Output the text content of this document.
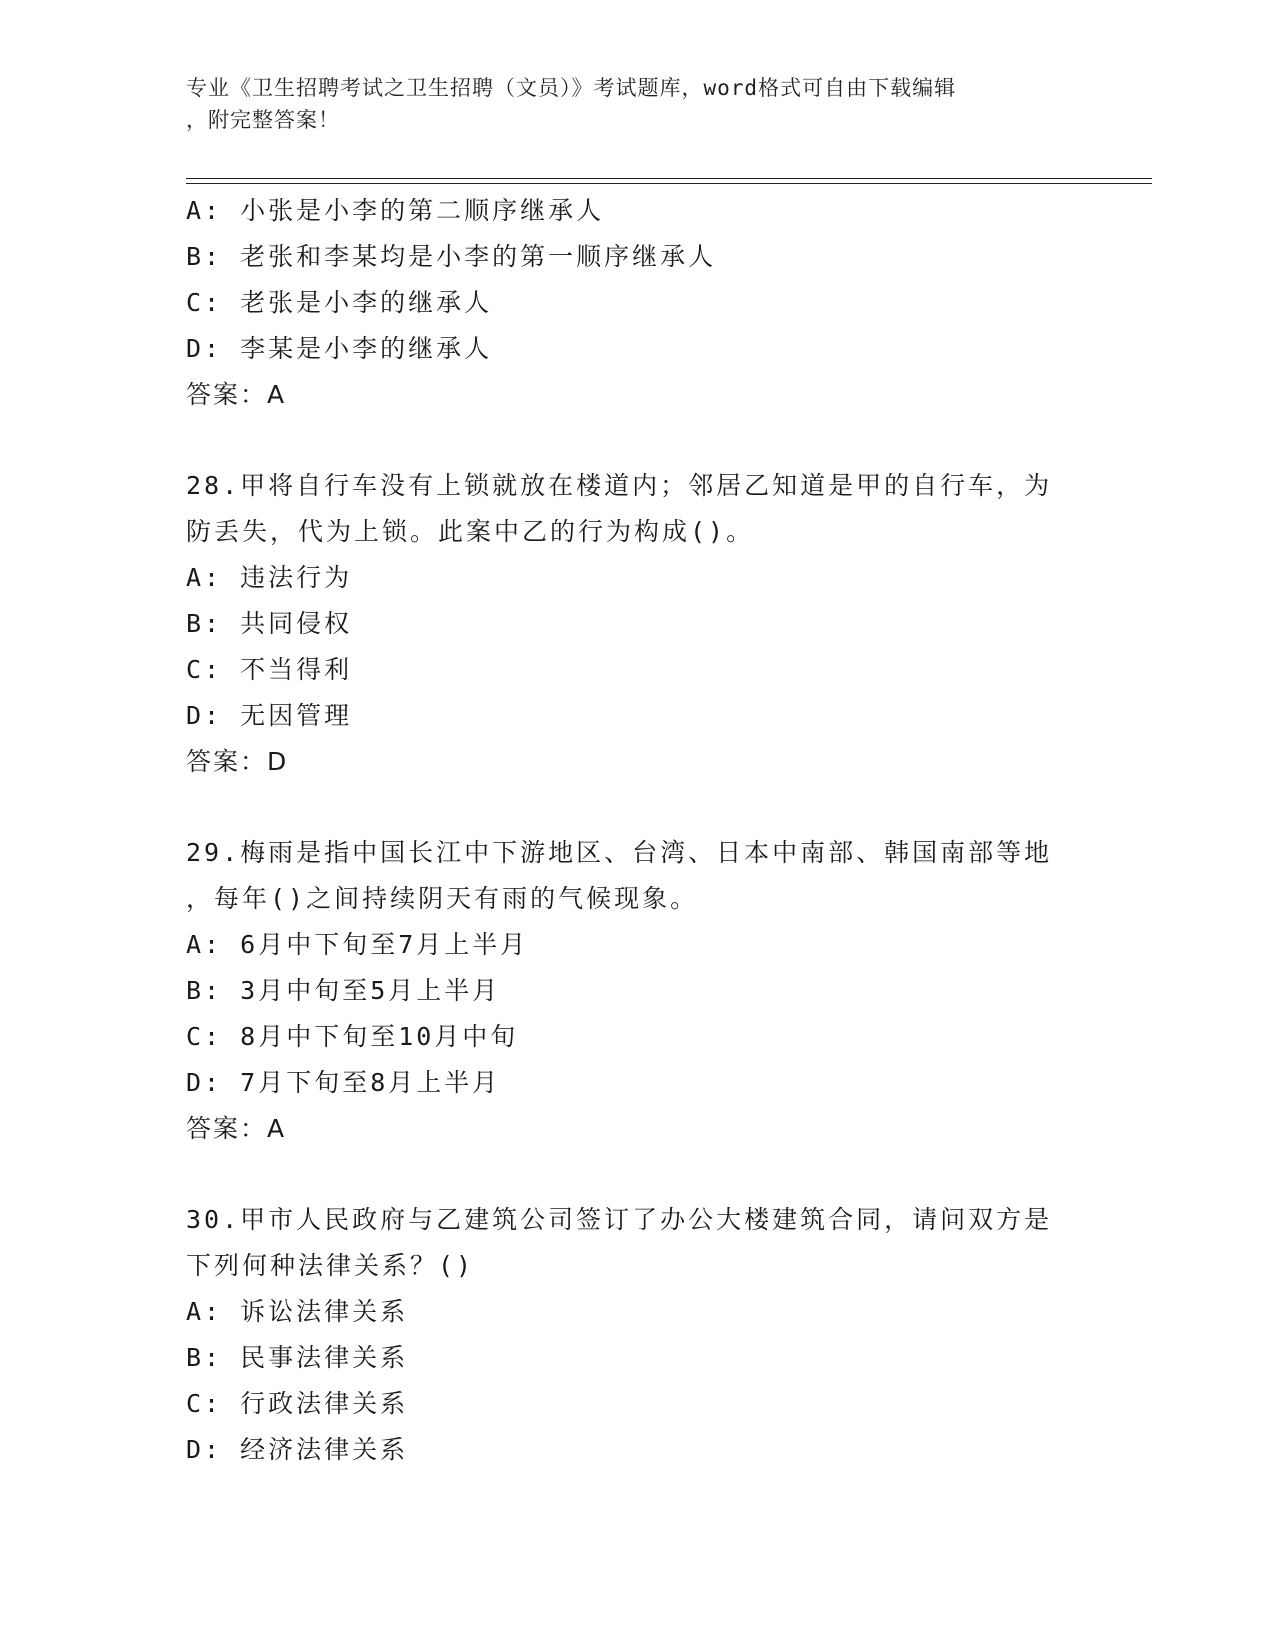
专业《卫生招聘考试之卫生招聘（文员）》考试题库，word格式可自由下载编辑
，附完整答案！
A: 小张是小李的第二顺序继承人
B: 老张和李某均是小李的第一顺序继承人
C: 老张是小李的继承人
D: 李某是小李的继承人
答案：A
28.甲将自行车没有上锁就放在楼道内；邻居乙知道是甲的自行车，为
防丢失，代为上锁。此案中乙的行为构成()。
A: 违法行为
B: 共同侵权
C: 不当得利
D: 无因管理
答案：D
29.梅雨是指中国长江中下游地区、台湾、日本中南部、韩国南部等地
，每年()之间持续阴天有雨的气候现象。
A: 6月中下旬至7月上半月
B: 3月中旬至5月上半月
C: 8月中下旬至10月中旬
D: 7月下旬至8月上半月
答案：A
30.甲市人民政府与乙建筑公司签订了办公大楼建筑合同，请问双方是
下列何种法律关系？()
A: 诉讼法律关系
B: 民事法律关系
C: 行政法律关系
D: 经济法律关系
